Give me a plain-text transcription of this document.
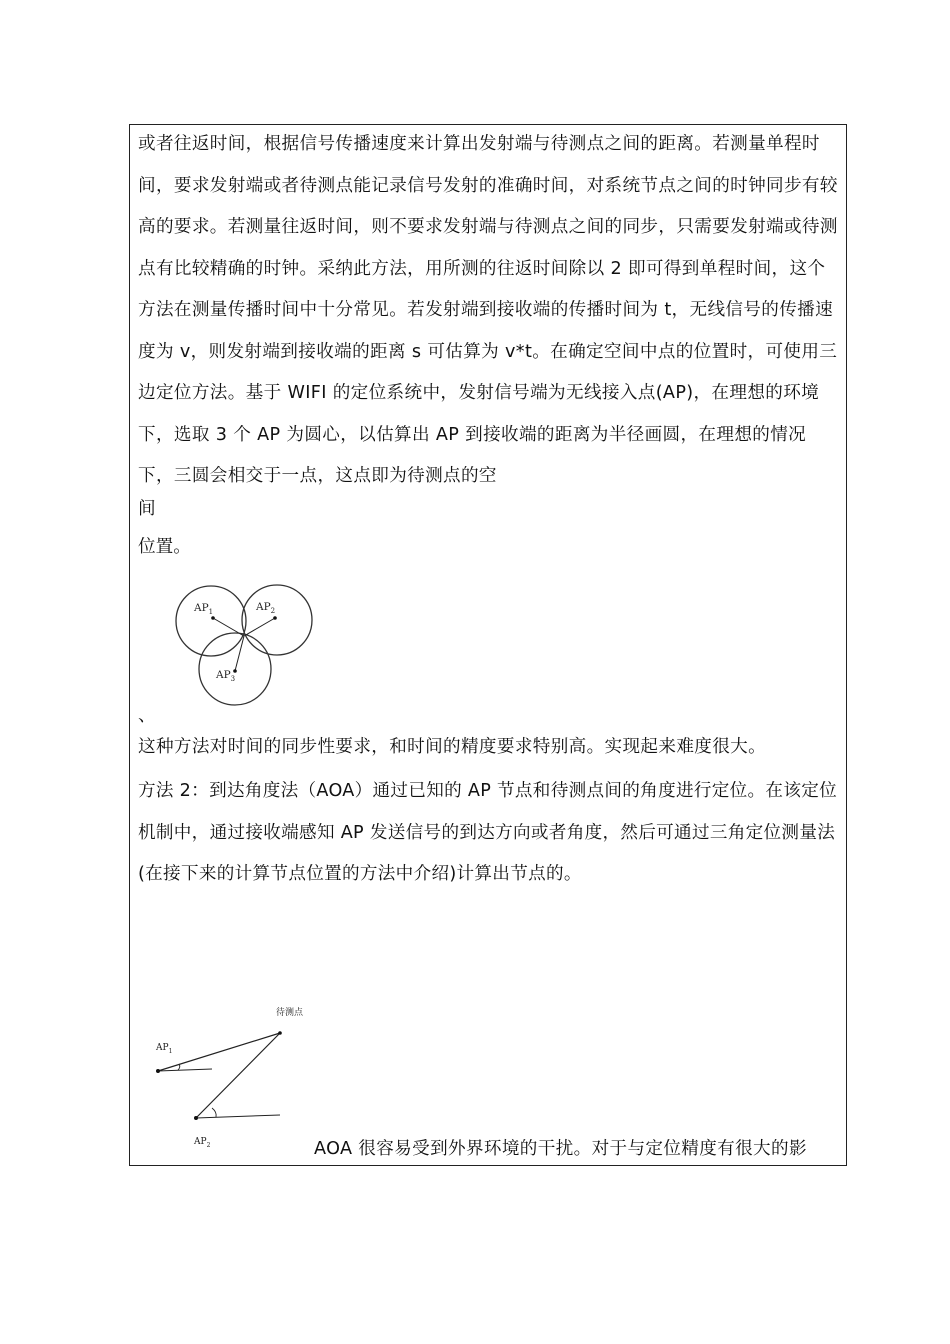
或者往返时间，根据信号传播速度来计算出发射端与待测点之间的距离。若测量单程时间，要求发射端或者待测点能记录信号发射的准确时间，对系统节点之间的时钟同步有较高的要求。若测量往返时间，则不要求发射端与待测点之间的同步，只需要发射端或待测点有比较精确的时钟。采纳此方法，用所测的往返时间除以 2 即可得到单程时间，这个方法在测量传播时间中十分常见。若发射端到接收端的传播时间为 t，无线信号的传播速度为 v，则发射端到接收端的距离 s 可估算为 v*t。在确定空间中点的位置时，可使用三边定位方法。基于 WIFI 的定位系统中，发射信号端为无线接入点(AP)，在理想的环境下，选取 3 个 AP 为圆心，以估算出 AP 到接收端的距离为半径画圆，在理想的情况下，三圆会相交于一点，这点即为待测点的空

间

位置。

$AP_1$	$AP_2$
$AP_3$

、

这种方法对时间的同步性要求，和时间的精度要求特别高。实现起来难度很大。

方法 2：到达角度法（AOA）通过已知的 AP 节点和待测点间的角度进行定位。在该定位机制中，通过接收端感知 AP 发送信号的到达方向或者角度，然后可通过三角定位测量法(在接下来的计算节点位置的方法中介绍)计算出节点的。

待测点
$AP_1$
$AP_2$	AOA 很容易受到外界环境的干扰。对于与定位精度有很大的影
